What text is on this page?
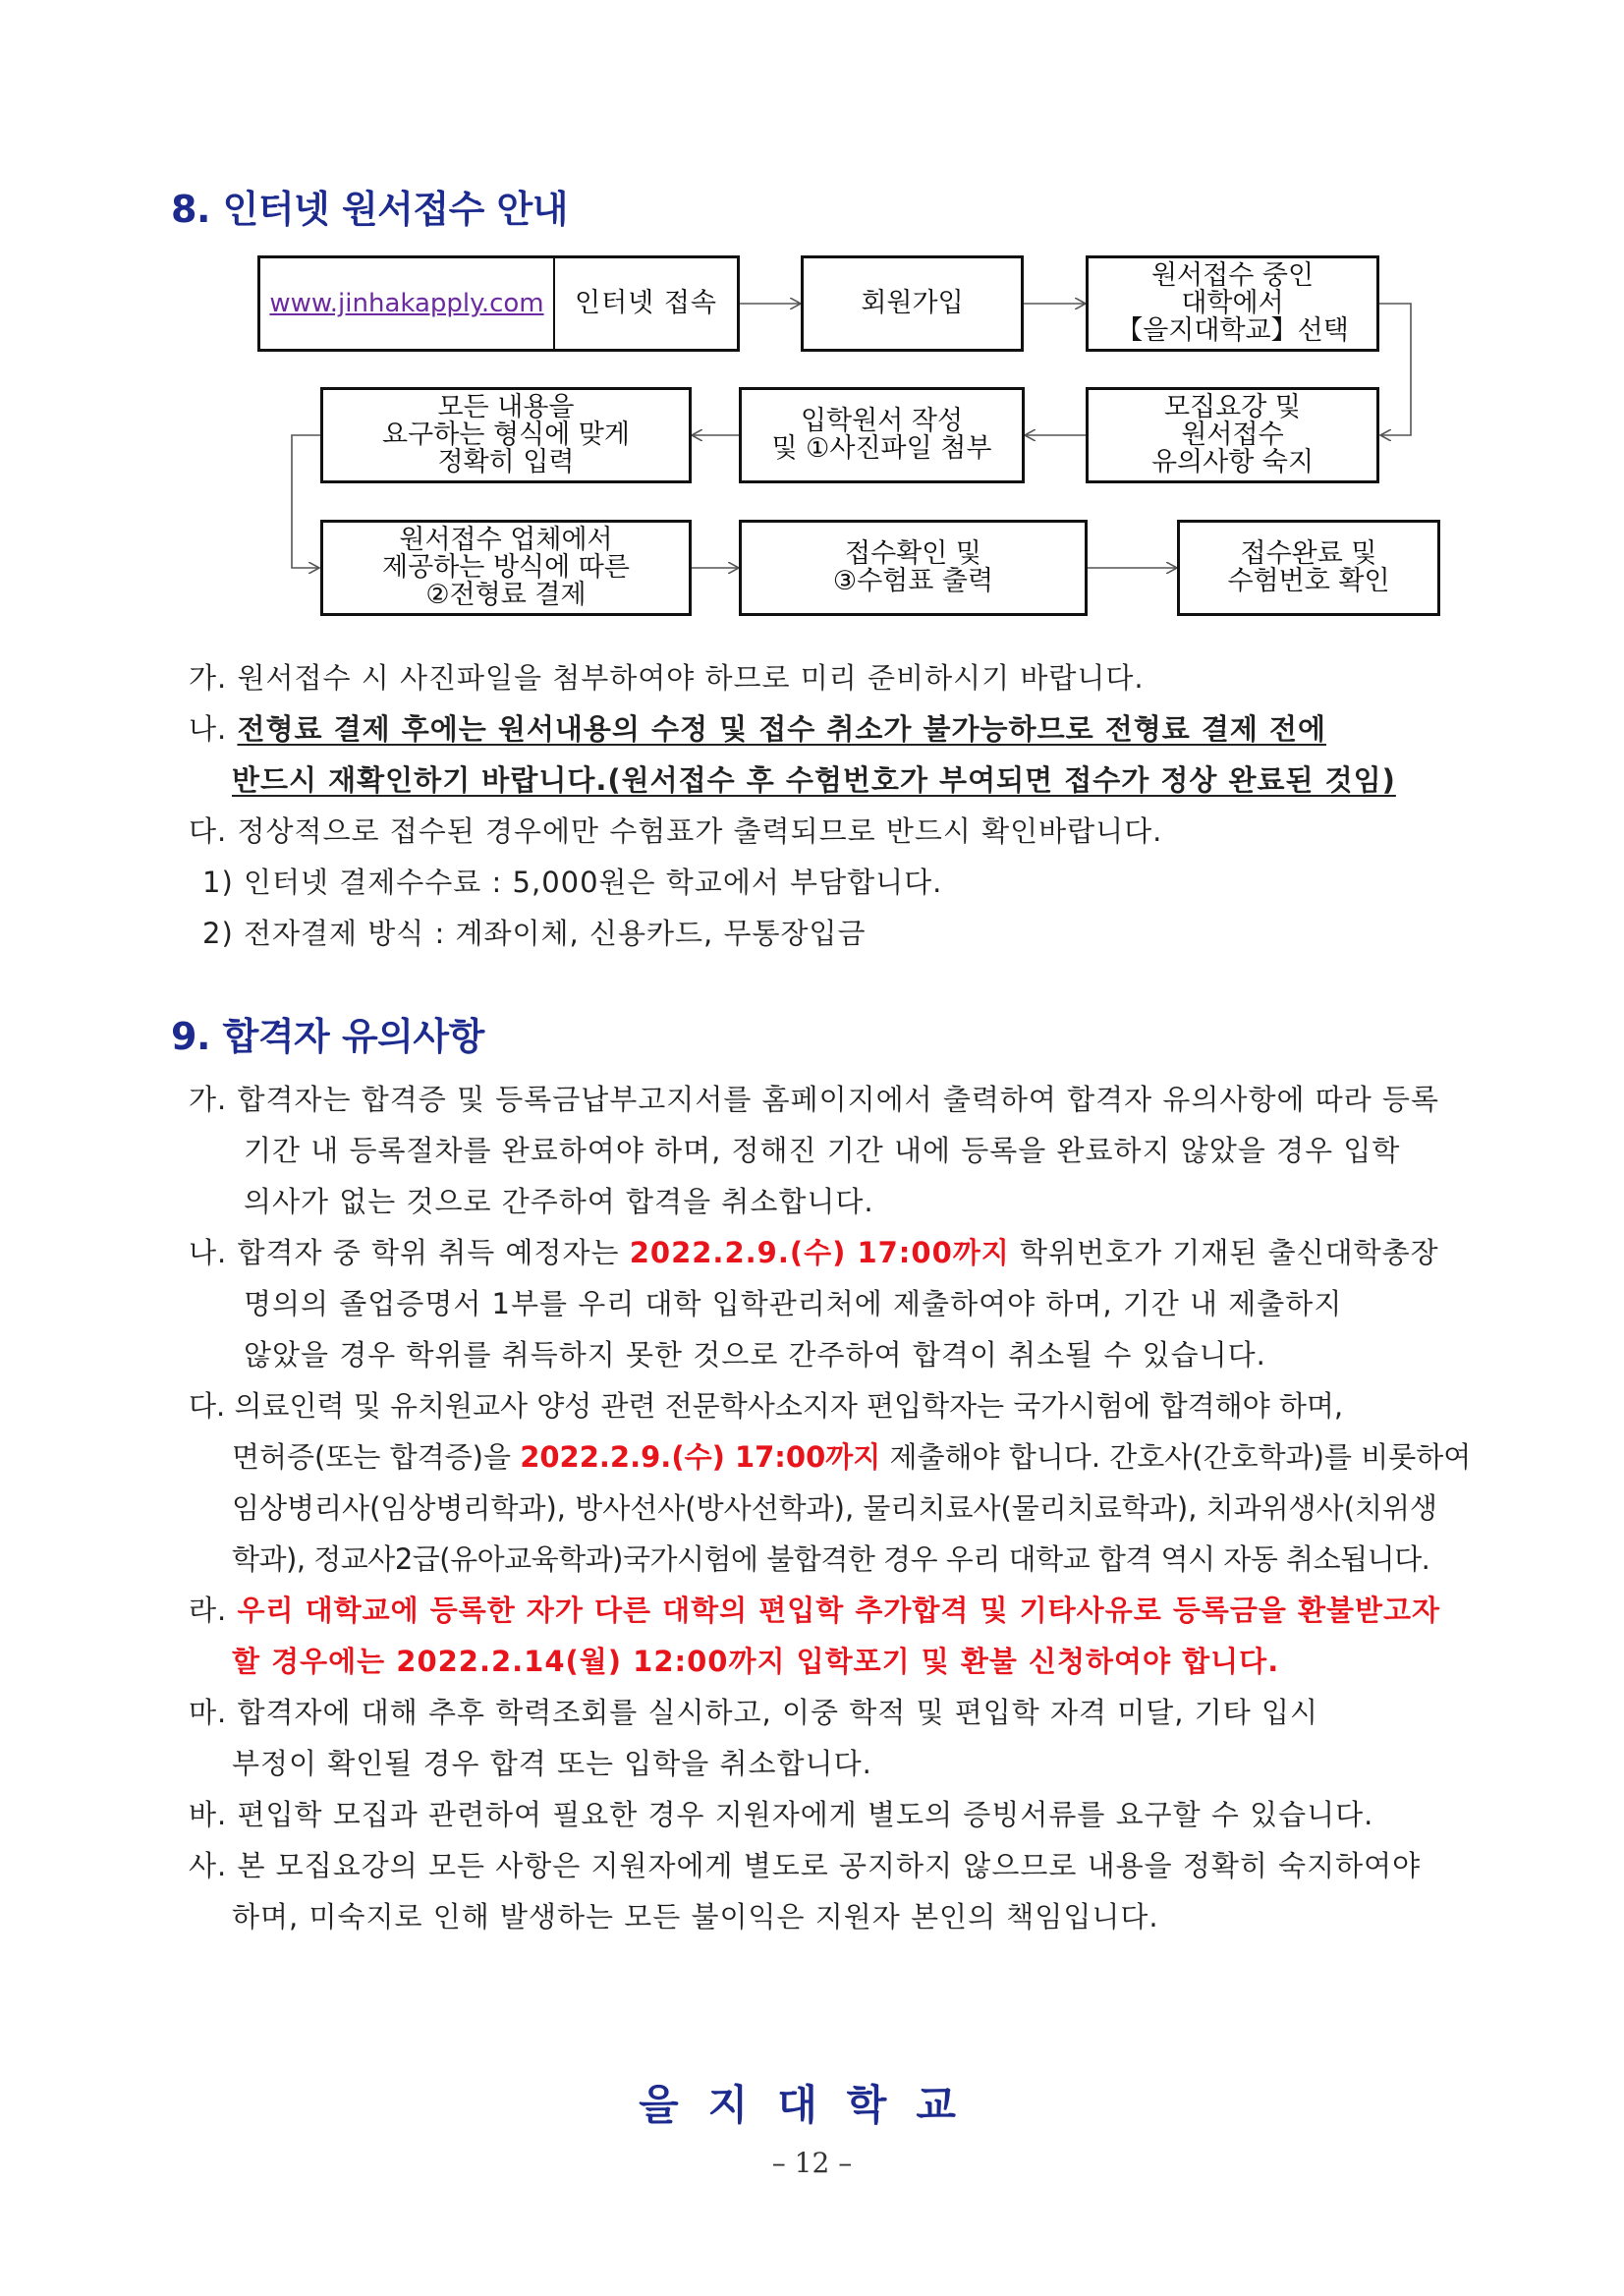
8. 인터넷 원서접수 안내
www.jinhakapply.com	인터넷 접속	회원가입
원서접수 중인
대학에서
【을지대학교】선택
모든 내용을
요구하는 형식에 맞게
정확히 입력
입학원서 작성
및 ①사진파일 첨부
모집요강 및
원서접수
유의사항 숙지
원서접수 업체에서
제공하는 방식에 따른
②전형료 결제
접수확인 및
③수험표 출력
접수완료 및
수험번호 확인

가. 원서접수 시 사진파일을 첨부하여야 하므로 미리 준비하시기 바랍니다.

나. 전형료 결제 후에는 원서내용의 수정 및 접수 취소가 불가능하므로 전형료 결제 전에

반드시 재확인하기 바랍니다.(원서접수 후 수험번호가 부여되면 접수가 정상 완료된 것임)

다. 정상적으로 접수된 경우에만 수험표가 출력되므로 반드시 확인바랍니다.

1) 인터넷 결제수수료 : 5,000원은 학교에서 부담합니다.

2) 전자결제 방식 : 계좌이체, 신용카드, 무통장입금

9. 합격자 유의사항

가. 합격자는 합격증 및 등록금납부고지서를 홈페이지에서 출력하여 합격자 유의사항에 따라 등록

기간 내 등록절차를 완료하여야 하며, 정해진 기간 내에 등록을 완료하지 않았을 경우 입학

의사가 없는 것으로 간주하여 합격을 취소합니다.

나. 합격자 중 학위 취득 예정자는 2022.2.9.(수) 17:00까지 학위번호가 기재된 출신대학총장

명의의 졸업증명서 1부를 우리 대학 입학관리처에 제출하여야 하며, 기간 내 제출하지

않았을 경우 학위를 취득하지 못한 것으로 간주하여 합격이 취소될 수 있습니다.

다. 의료인력 및 유치원교사 양성 관련 전문학사소지자 편입학자는 국가시험에 합격해야 하며,

면허증(또는 합격증)을 2022.2.9.(수) 17:00까지 제출해야 합니다. 간호사(간호학과)를 비롯하여

임상병리사(임상병리학과), 방사선사(방사선학과), 물리치료사(물리치료학과), 치과위생사(치위생

학과), 정교사2급(유아교육학과)국가시험에 불합격한 경우 우리 대학교 합격 역시 자동 취소됩니다.

라. 우리 대학교에 등록한 자가 다른 대학의 편입학 추가합격 및 기타사유로 등록금을 환불받고자

할 경우에는 2022.2.14(월) 12:00까지 입학포기 및 환불 신청하여야 합니다.

마. 합격자에 대해 추후 학력조회를 실시하고, 이중 학적 및 편입학 자격 미달, 기타 입시

부정이 확인될 경우 합격 또는 입학을 취소합니다.

바. 편입학 모집과 관련하여 필요한 경우 지원자에게 별도의 증빙서류를 요구할 수 있습니다.

사. 본 모집요강의 모든 사항은 지원자에게 별도로 공지하지 않으므로 내용을 정확히 숙지하여야

하며, 미숙지로 인해 발생하는 모든 불이익은 지원자 본인의 책임입니다.

을지대학교

– 12 –
